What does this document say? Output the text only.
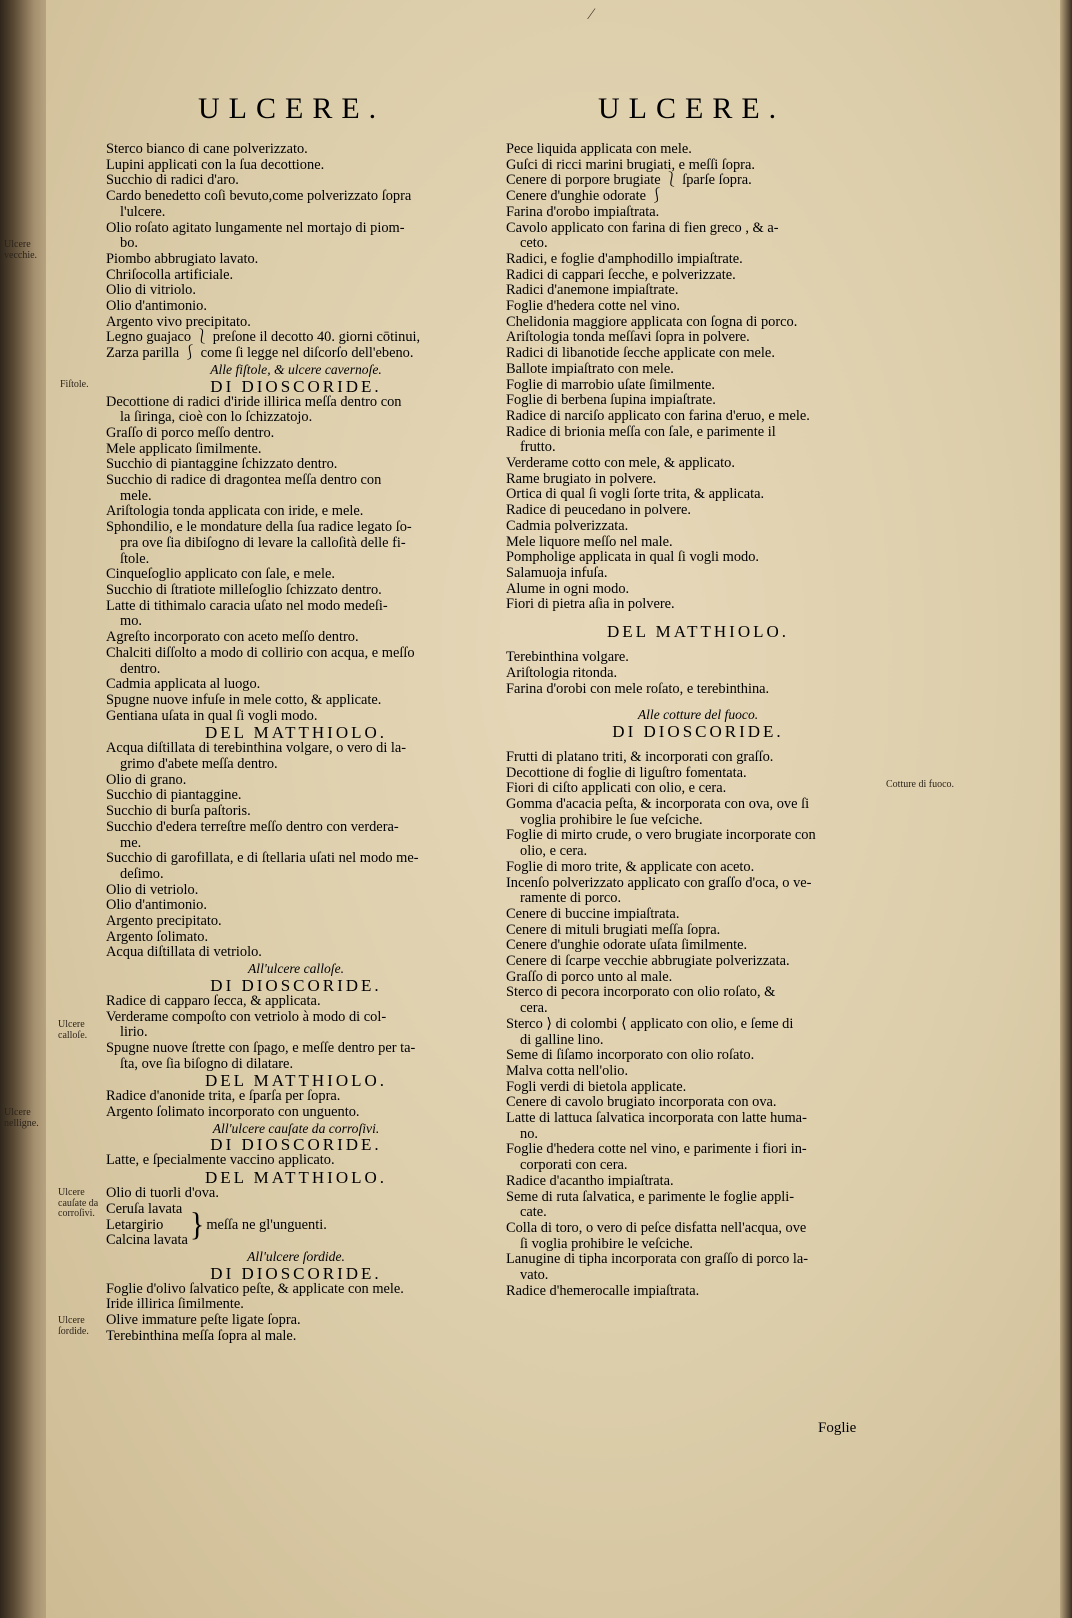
∕
ULCERE.	ULCERE.
Sterco bianco di cane polverizzato.
Lupini applicati con la ſua decottione.
Succhio di radici d'aro.
Cardo benedetto coſi bevuto,come polverizzato ſopra
l'ulcere.
Olio roſato agitato lungamente nel mortajo di piom-
bo.
Piombo abbrugiato lavato.
Chriſocolla artificiale.
Olio di vitriolo.
Olio d'antimonio.
Argento vivo precipitato.
Legno guajaco ⎱ preſone il decotto 40. giorni cōtinui,
Zarza parilla ⎰ come ſi legge nel diſcorſo dell'ebeno.
Alle fiſtole, & ulcere cavernoſe.
DI DIOSCORIDE.
Decottione di radici d'iride illirica meſſa dentro con
la ſiringa, cioè con lo ſchizzatojo.
Graſſo di porco meſſo dentro.
Mele applicato ſimilmente.
Succhio di piantaggine ſchizzato dentro.
Succhio di radice di dragontea meſſa dentro con
mele.
Ariſtologia tonda applicata con iride, e mele.
Sphondilio, e le mondature della ſua radice legato ſo-
pra ove ſia dibiſogno di levare la calloſità delle fi-
ſtole.
Cinqueſoglio applicato con ſale, e mele.
Succhio di ſtratiote milleſoglio ſchizzato dentro.
Latte di tithimalo caracia uſato nel modo medeſi-
mo.
Agreſto incorporato con aceto meſſo dentro.
Chalciti diſſolto a modo di collirio con acqua, e meſſo
dentro.
Cadmia applicata al luogo.
Spugne nuove infuſe in mele cotto, & applicate.
Gentiana uſata in qual ſi vogli modo.
DEL MATTHIOLO.
Acqua diſtillata di terebinthina volgare, o vero di la-
grimo d'abete meſſa dentro.
Olio di grano.
Succhio di piantaggine.
Succhio di burſa paſtoris.
Succhio d'edera terreſtre meſſo dentro con verdera-
me.
Succhio di garofillata, e di ſtellaria uſati nel modo me-
deſimo.
Olio di vetriolo.
Olio d'antimonio.
Argento precipitato.
Argento ſolimato.
Acqua diſtillata di vetriolo.
All'ulcere calloſe.
DI DIOSCORIDE.
Radice di capparo ſecca, & applicata.
Verderame compoſto con vetriolo à modo di col-
lirio.
Spugne nuove ſtrette con ſpago, e meſſe dentro per ta-
ſta, ove ſia biſogno di dilatare.
DEL MATTHIOLO.
Radice d'anonide trita, e ſparſa per ſopra.
Argento ſolimato incorporato con unguento.
All'ulcere cauſate da corroſivi.
DI DIOSCORIDE.
Latte, e ſpecialmente vaccino applicato.
DEL MATTHIOLO.
Olio di tuorli d'ova.
Ceruſa lavata
Letargirio
Calcina lavata } meſſa ne gl'unguenti.
All'ulcere ſordide.
DI DIOSCORIDE.
Foglie d'olivo ſalvatico peſte, & applicate con mele.
Iride illirica ſimilmente.
Olive immature peſte ligate ſopra.
Terebinthina meſſa ſopra al male.
Pece liquida applicata con mele.
Guſci di ricci marini brugiati, e meſſi ſopra.
Cenere di porpore brugiate ⎱ ſparſe ſopra.
Cenere d'unghie odorate ⎰
Farina d'orobo impiaſtrata.
Cavolo applicato con farina di fien greco , & a-
ceto.
Radici, e foglie d'amphodillo impiaſtrate.
Radici di cappari ſecche, e polverizzate.
Radici d'anemone impiaſtrate.
Foglie d'hedera cotte nel vino.
Chelidonia maggiore applicata con ſogna di porco.
Ariſtologia tonda meſſavi ſopra in polvere.
Radici di libanotide ſecche applicate con mele.
Ballote impiaſtrato con mele.
Foglie di marrobio uſate ſimilmente.
Foglie di berbena ſupina impiaſtrate.
Radice di narciſo applicato con farina d'eruo, e mele.
Radice di brionia meſſa con ſale, e parimente il
frutto.
Verderame cotto con mele, & applicato.
Rame brugiato in polvere.
Ortica di qual ſi vogli ſorte trita, & applicata.
Radice di peucedano in polvere.
Cadmia polverizzata.
Mele liquore meſſo nel male.
Pompholige applicata in qual ſi vogli modo.
Salamuoja infuſa.
Alume in ogni modo.
Fiori di pietra aſia in polvere.
DEL MATTHIOLO.
Terebinthina volgare.
Ariſtologia ritonda.
Farina d'orobi con mele roſato, e terebinthina.
Alle cotture del fuoco.
DI DIOSCORIDE.
Frutti di platano triti, & incorporati con graſſo.
Decottione di foglie di liguſtro fomentata.
Fiori di ciſto applicati con olio, e cera.
Gomma d'acacia peſta, & incorporata con ova, ove ſi
voglia prohibire le ſue veſciche.
Foglie di mirto crude, o vero brugiate incorporate con
olio, e cera.
Foglie di moro trite, & applicate con aceto.
Incenſo polverizzato applicato con graſſo d'oca, o ve-
ramente di porco.
Cenere di buccine impiaſtrata.
Cenere di mituli brugiati meſſa ſopra.
Cenere d'unghie odorate uſata ſimilmente.
Cenere di ſcarpe vecchie abbrugiate polverizzata.
Graſſo di porco unto al male.
Sterco di pecora incorporato con olio roſato, &
cera.
Sterco ⟩ di colombi ⟨ applicato con olio, e ſeme di
di galline lino.
Seme di ſiſamo incorporato con olio roſato.
Malva cotta nell'olio.
Fogli verdi di bietola applicate.
Cenere di cavolo brugiato incorporata con ova.
Latte di lattuca ſalvatica incorporata con latte huma-
no.
Foglie d'hedera cotte nel vino, e parimente i fiori in-
corporati con cera.
Radice d'acantho impiaſtrata.
Seme di ruta ſalvatica, e parimente le foglie appli-
cate.
Colla di toro, o vero di peſce disfatta nell'acqua, ove
ſi voglia prohibire le veſciche.
Lanugine di tipha incorporata con graſſo di porco la-
vato.
Radice d'hemerocalle impiaſtrata.
Ulcere vecchie.
Fiſtole.
Ulcere calloſe.
Ulcere nelligne.
Ulcere cauſate da corroſivi.
Ulcere ſordide.
Cotture di fuoco.
Foglie
